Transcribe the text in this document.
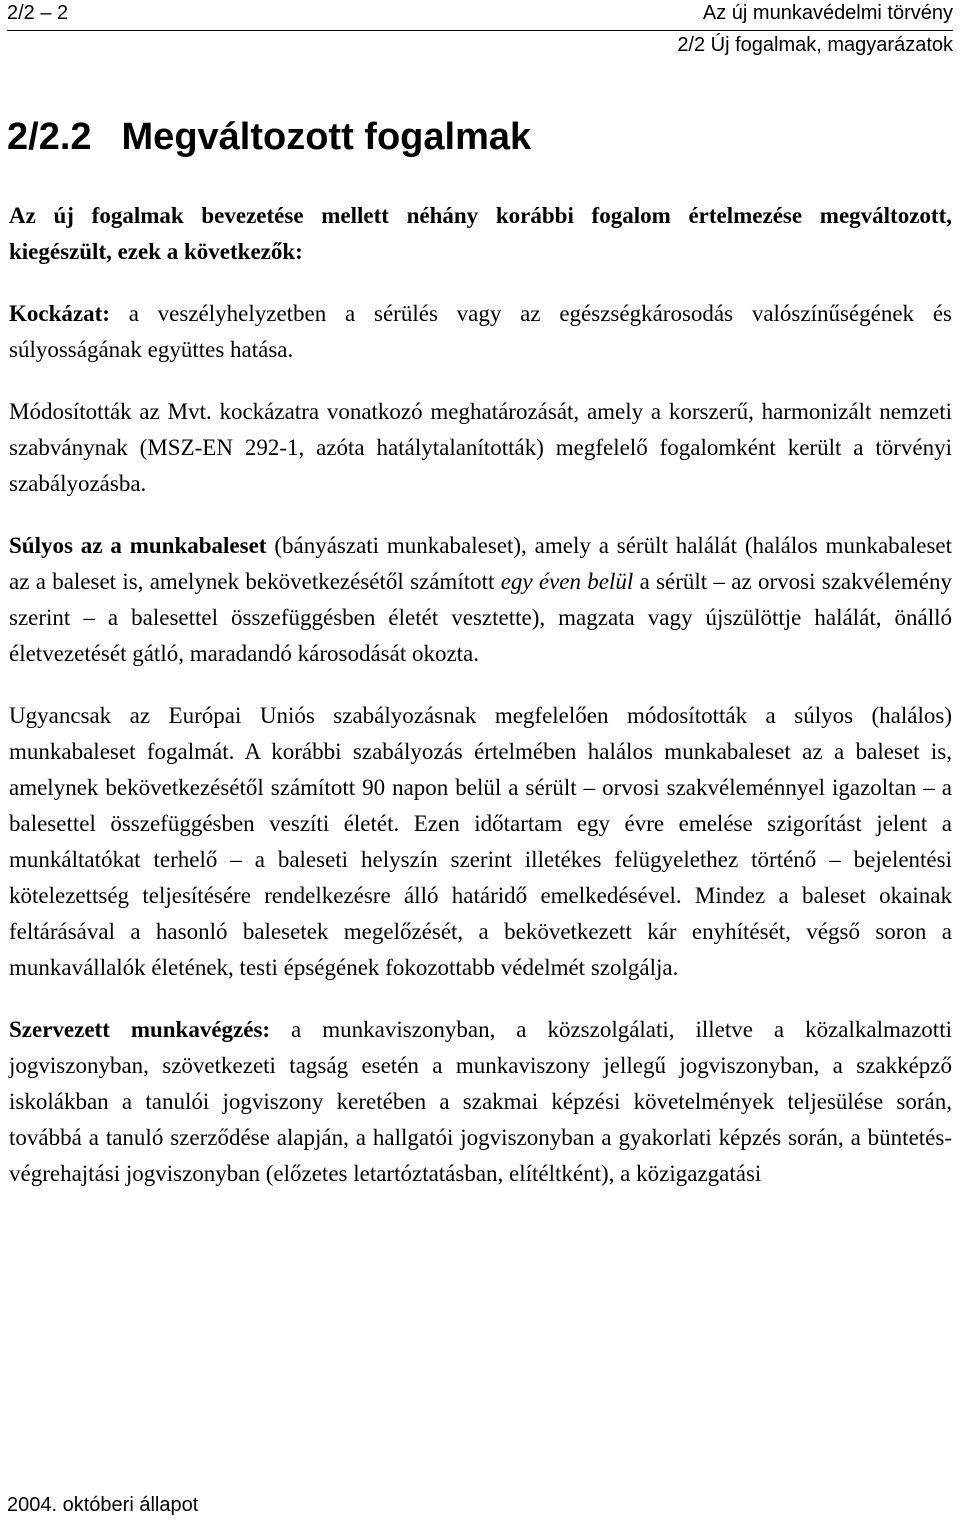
2/2 – 2	Az új munkavédelmi törvény
2/2 Új fogalmak, magyarázatok
2/2.2 Megváltozott fogalmak

Az új fogalmak bevezetése mellett néhány korábbi fogalom értelmezése megváltozott, kiegészült, ezek a következők:

Kockázat: a veszélyhelyzetben a sérülés vagy az egészségkárosodás valószínűségének és súlyosságának együttes hatása.

Módosították az Mvt. kockázatra vonatkozó meghatározását, amely a korszerű, harmonizált nemzeti szabványnak (MSZ-EN 292-1, azóta hatálytalanították) megfelelő fogalomként került a törvényi szabályozásba.

Súlyos az a munkabaleset (bányászati munkabaleset), amely a sérült halálát (halálos munkabaleset az a baleset is, amelynek bekövetkezésétől számított egy éven belül a sérült – az orvosi szakvélemény szerint – a balesettel összefüggésben életét vesztette), magzata vagy újszülöttje halálát, önálló életvezetését gátló, maradandó károsodását okozta.

Ugyancsak az Európai Uniós szabályozásnak megfelelően módosították a súlyos (halálos) munkabaleset fogalmát. A korábbi szabályozás értelmében halálos munkabaleset az a baleset is, amelynek bekövetkezésétől számított 90 napon belül a sérült – orvosi szakvéleménnyel igazoltan – a balesettel összefüggésben veszíti életét. Ezen időtartam egy évre emelése szigorítást jelent a munkáltatókat terhelő – a baleseti helyszín szerint illetékes felügyelethez történő – bejelentési kötelezettség teljesítésére rendelkezésre álló határidő emelkedésével. Mindez a baleset okainak feltárásával a hasonló balesetek megelőzését, a bekövetkezett kár enyhítését, végső soron a munkavállalók életének, testi épségének fokozottabb védelmét szolgálja.

Szervezett munkavégzés: a munkaviszonyban, a közszolgálati, illetve a közalkalmazotti jogviszonyban, szövetkezeti tagság esetén a munkaviszony jellegű jogviszonyban, a szakképző iskolákban a tanulói jogviszony keretében a szakmai képzési követelmények teljesülése során, továbbá a tanuló szerződése alapján, a hallgatói jogviszonyban a gyakorlati képzés során, a büntetés-végrehajtási jogviszonyban (előzetes letartóztatásban, elítéltként), a közigazgatási

2004. októberi állapot
